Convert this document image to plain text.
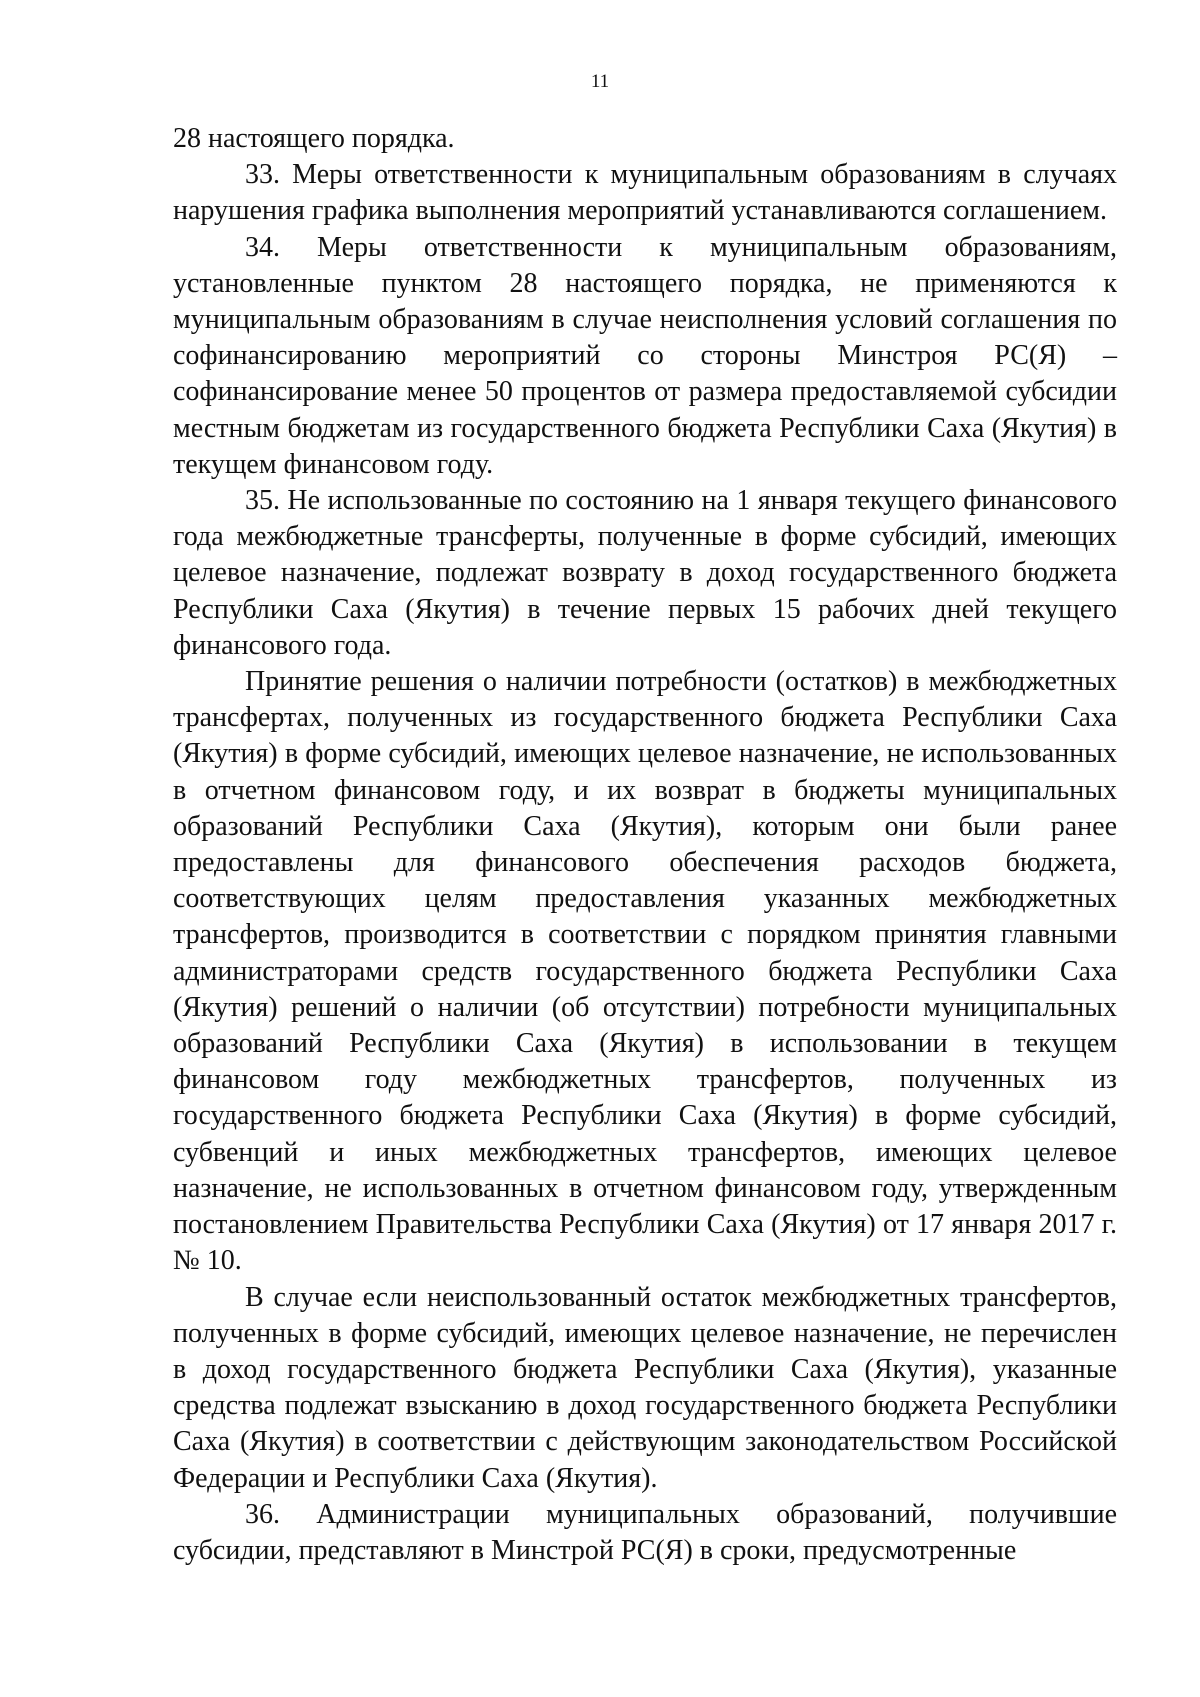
11

28 настоящего порядка.

33. Меры ответственности к муниципальным образованиям в случаях нарушения графика выполнения мероприятий устанавливаются соглашением.

34. Меры ответственности к муниципальным образованиям, установленные пунктом 28 настоящего порядка, не применяются к муниципальным образованиям в случае неисполнения условий соглашения по софинансированию мероприятий со стороны Минстроя РС(Я) – софинансирование менее 50 процентов от размера предоставляемой субсидии местным бюджетам из государственного бюджета Республики Саха (Якутия) в текущем финансовом году.

35. Не использованные по состоянию на 1 января текущего финансового года межбюджетные трансферты, полученные в форме субсидий, имеющих целевое назначение, подлежат возврату в доход государственного бюджета Республики Саха (Якутия) в течение первых 15 рабочих дней текущего финансового года.

Принятие решения о наличии потребности (остатков) в межбюджетных трансфертах, полученных из государственного бюджета Республики Саха (Якутия) в форме субсидий, имеющих целевое назначение, не использованных в отчетном финансовом году, и их возврат в бюджеты муниципальных образований Республики Саха (Якутия), которым они были ранее предоставлены для финансового обеспечения расходов бюджета, соответствующих целям предоставления указанных межбюджетных трансфертов, производится в соответствии с порядком принятия главными администраторами средств государственного бюджета Республики Саха (Якутия) решений о наличии (об отсутствии) потребности муниципальных образований Республики Саха (Якутия) в использовании в текущем финансовом году межбюджетных трансфертов, полученных из государственного бюджета Республики Саха (Якутия) в форме субсидий, субвенций и иных межбюджетных трансфертов, имеющих целевое назначение, не использованных в отчетном финансовом году, утвержденным постановлением Правительства Республики Саха (Якутия) от 17 января 2017 г. № 10.

В случае если неиспользованный остаток межбюджетных трансфертов, полученных в форме субсидий, имеющих целевое назначение, не перечислен в доход государственного бюджета Республики Саха (Якутия), указанные средства подлежат взысканию в доход государственного бюджета Республики Саха (Якутия) в соответствии с действующим законодательством Российской Федерации и Республики Саха (Якутия).

36. Администрации муниципальных образований, получившие субсидии, представляют в Минстрой РС(Я) в сроки, предусмотренные
